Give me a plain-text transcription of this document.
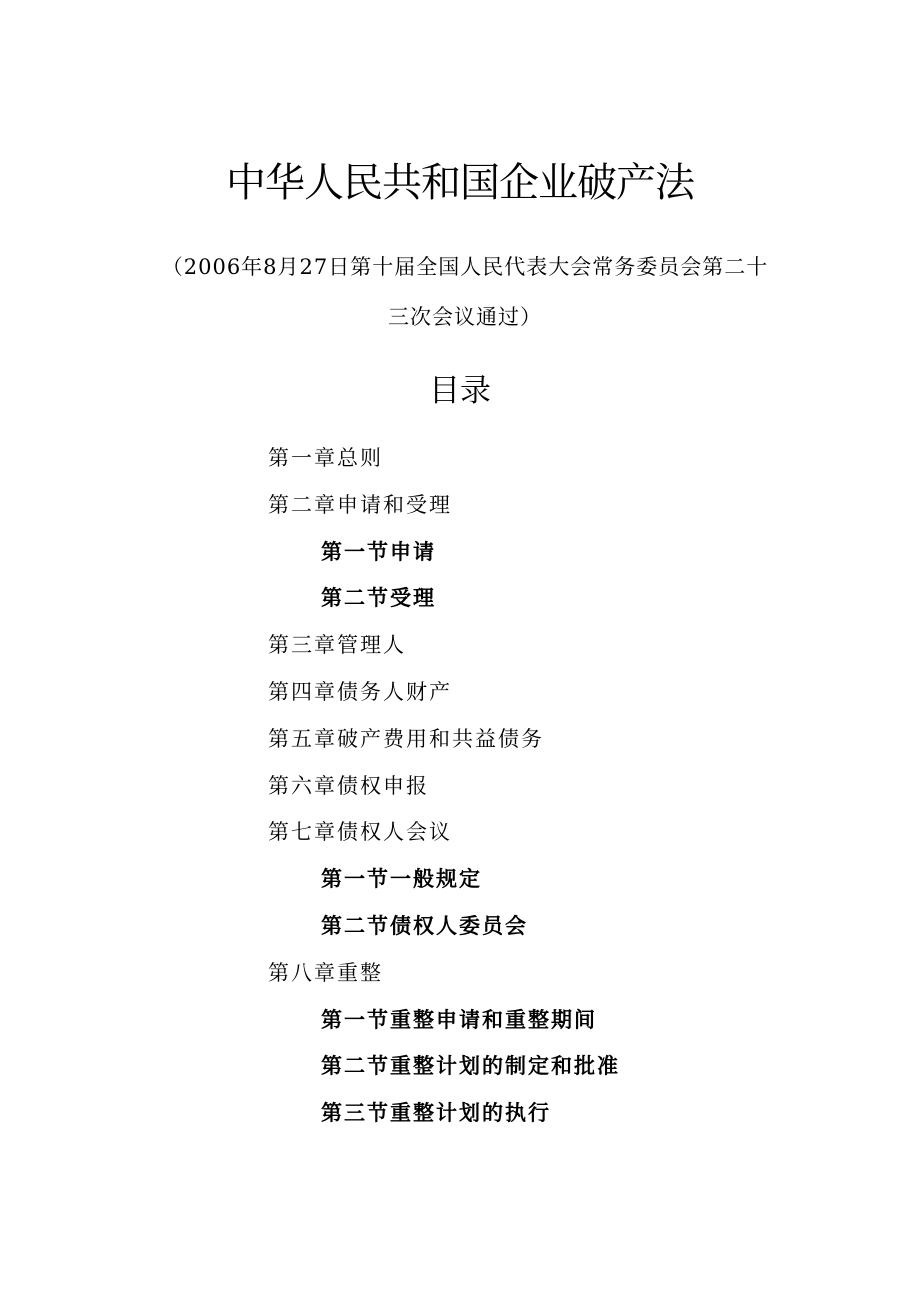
中华人民共和国企业破产法

（2006年8月27日第十届全国人民代表大会常务委员会第二十三次会议通过）

目录
第一章总则
第二章申请和受理
第一节申请
第二节受理
第三章管理人
第四章债务人财产
第五章破产费用和共益债务
第六章债权申报
第七章债权人会议
第一节一般规定
第二节债权人委员会
第八章重整
第一节重整申请和重整期间
第二节重整计划的制定和批准
第三节重整计划的执行
